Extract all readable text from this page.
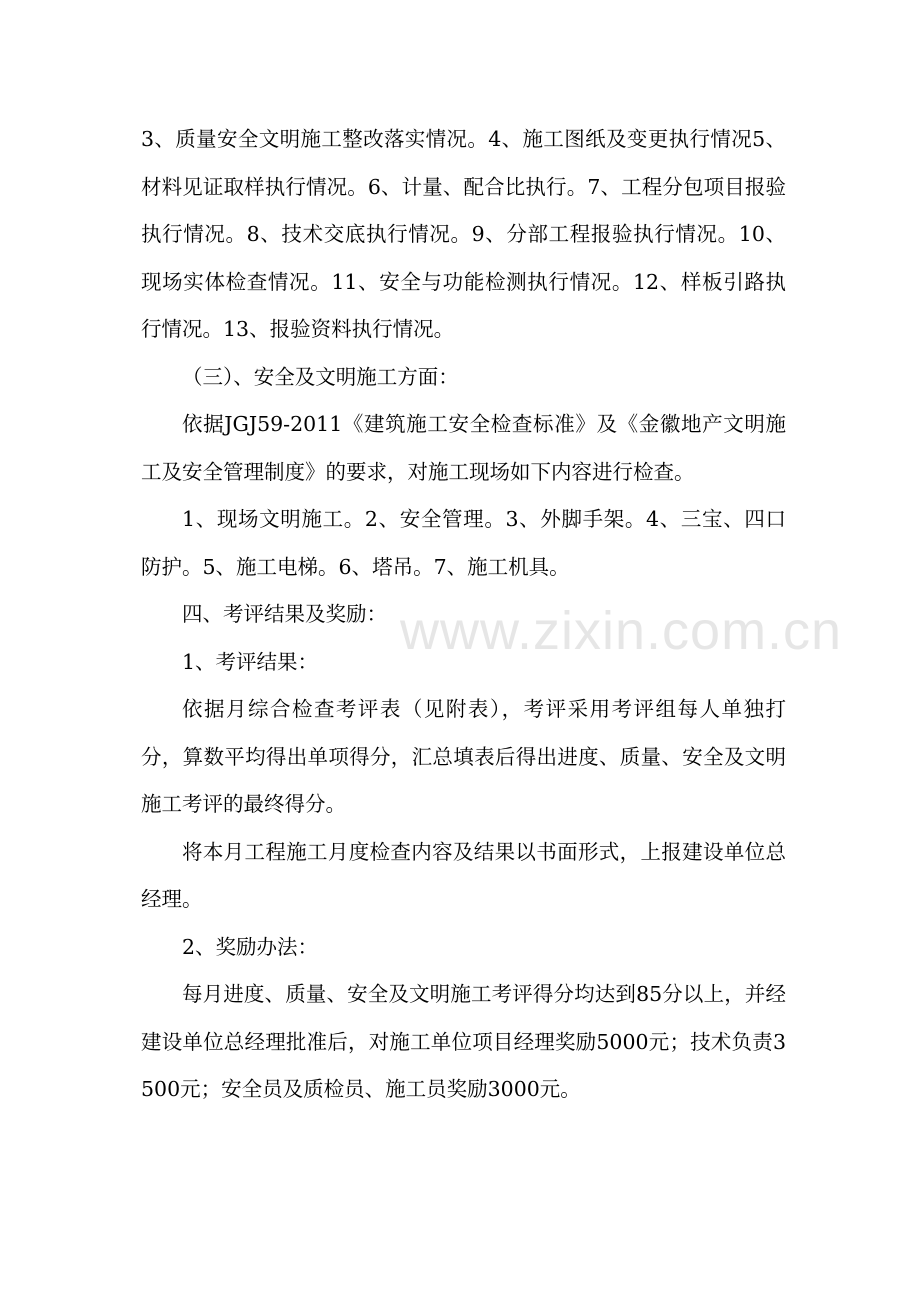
3、质量安全文明施工整改落实情况。4、施工图纸及变更执行情况5、材料见证取样执行情况。6、计量、配合比执行。7、工程分包项目报验执行情况。8、技术交底执行情况。9、分部工程报验执行情况。10、现场实体检查情况。11、安全与功能检测执行情况。12、样板引路执行情况。13、报验资料执行情况。

（三）、安全及文明施工方面：

依据JGJ59-2011《建筑施工安全检查标准》及《金徽地产文明施工及安全管理制度》的要求，对施工现场如下内容进行检查。

1、现场文明施工。2、安全管理。3、外脚手架。4、三宝、四口防护。5、施工电梯。6、塔吊。7、施工机具。

四、考评结果及奖励：

1、考评结果：

依据月综合检查考评表（见附表），考评采用考评组每人单独打分，算数平均得出单项得分，汇总填表后得出进度、质量、安全及文明施工考评的最终得分。

将本月工程施工月度检查内容及结果以书面形式，上报建设单位总经理。

2、奖励办法：

每月进度、质量、安全及文明施工考评得分均达到85分以上，并经建设单位总经理批准后，对施工单位项目经理奖励5000元；技术负责3500元；安全员及质检员、施工员奖励3000元。

www.zixin.com.cn
